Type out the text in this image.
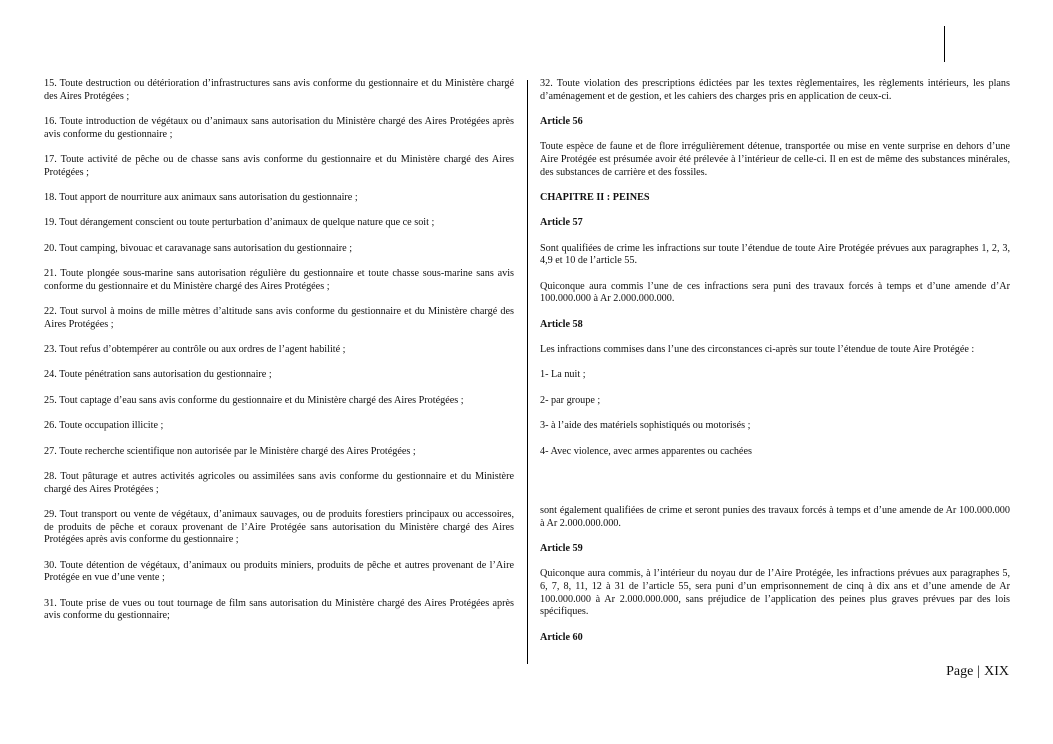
15. Toute destruction ou détérioration d’infrastructures sans avis conforme du gestionnaire et du Ministère chargé des Aires Protégées ;

16. Toute introduction de végétaux ou d’animaux sans autorisation du Ministère chargé des Aires Protégées après avis conforme du gestionnaire ;

17. Toute activité de pêche ou de chasse sans avis conforme du gestionnaire et du Ministère chargé des Aires Protégées ;

18. Tout apport de nourriture aux animaux sans autorisation du gestionnaire ;

19. Tout dérangement conscient ou toute perturbation d’animaux de quelque nature que ce soit ;

20. Tout camping, bivouac et caravanage sans autorisation du gestionnaire ;

21. Toute plongée sous-marine sans autorisation régulière du gestionnaire et toute chasse sous-marine sans avis conforme du gestionnaire et du Ministère chargé des Aires Protégées ;

22. Tout survol à moins de mille mètres d’altitude sans avis conforme du gestionnaire et du Ministère chargé des Aires Protégées ;

23. Tout refus d’obtempérer au contrôle ou aux ordres de l’agent habilité ;

24. Toute pénétration sans autorisation du gestionnaire ;

25. Tout captage d’eau sans avis conforme du gestionnaire et du Ministère chargé des Aires Protégées ;

26. Toute occupation illicite ;

27. Toute recherche scientifique non autorisée par le Ministère chargé des Aires Protégées ;

28. Tout pâturage et autres activités agricoles ou assimilées sans avis conforme du gestionnaire et du Ministère chargé des Aires Protégées ;

29. Tout transport ou vente de végétaux, d’animaux sauvages, ou de produits forestiers principaux ou accessoires, de produits de pêche et coraux provenant de l’Aire Protégée sans autorisation du Ministère chargé des Aires Protégées après avis conforme du gestionnaire ;

30. Toute détention de végétaux, d’animaux ou produits miniers, produits de pêche et autres provenant de l’Aire Protégée en vue d’une vente ;

31. Toute prise de vues ou tout tournage de film sans autorisation du Ministère chargé des Aires Protégées après avis conforme du gestionnaire;

32. Toute violation des prescriptions édictées par les textes règlementaires, les règlements intérieurs, les plans d’aménagement et de gestion, et les cahiers des charges pris en application de ceux-ci.

Article 56

Toute espèce de faune et de flore irrégulièrement détenue, transportée ou mise en vente surprise en dehors d’une Aire Protégée est présumée avoir été prélevée à l’intérieur de celle-ci. Il en est de même des substances minérales, des substances de carrière et des fossiles.

CHAPITRE II : PEINES

Article 57

Sont qualifiées de crime les infractions sur toute l’étendue de toute Aire Protégée prévues aux paragraphes 1, 2, 3, 4,9 et 10 de l’article 55.

Quiconque aura commis l’une de ces infractions sera puni des travaux forcés à temps et d’une amende d’Ar 100.000.000 à Ar 2.000.000.000.

Article 58

Les infractions commises dans l’une des circonstances ci-après sur toute l’étendue de toute Aire Protégée :

1- La nuit ;

2- par groupe ;

3- à l’aide des matériels sophistiqués ou motorisés ;

4- Avec violence, avec armes apparentes ou cachées

sont également qualifiées de crime et seront punies des travaux forcés à temps et d’une amende de Ar 100.000.000 à Ar 2.000.000.000.

Article 59

Quiconque aura commis, à l’intérieur du noyau dur de l’Aire Protégée, les infractions prévues aux paragraphes 5, 6, 7, 8, 11, 12 à 31 de l’article 55, sera puni d’un emprisonnement de cinq à dix ans et d’une amende de Ar 100.000.000 à Ar 2.000.000.000, sans préjudice de l’application des peines plus graves prévues par des lois spécifiques.

Article 60

Page | XIX
